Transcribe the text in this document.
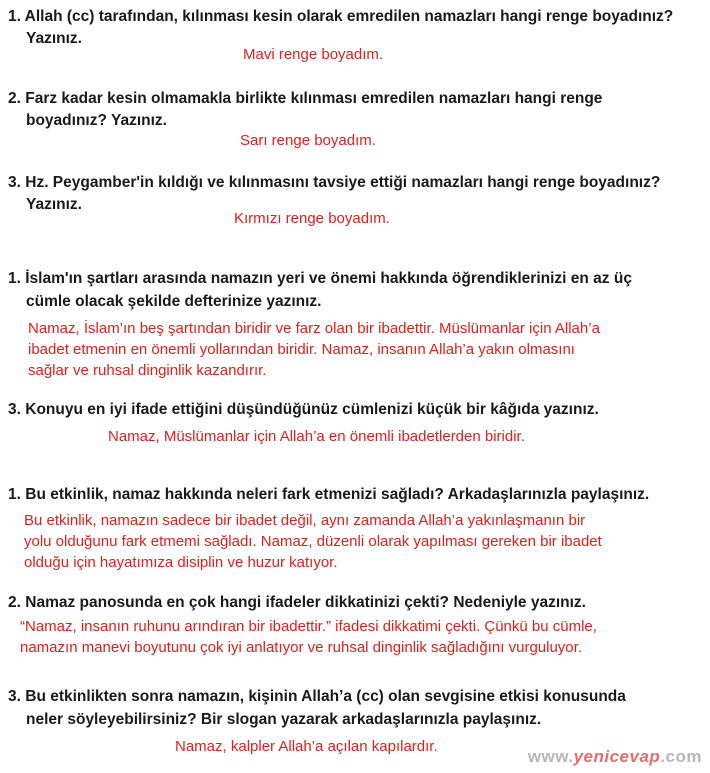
1. Allah (cc) tarafından, kılınması kesin olarak emredilen namazları hangi renge boyadınız?
Yazınız.
Mavi renge boyadım.
2. Farz kadar kesin olmamakla birlikte kılınması emredilen namazları hangi renge
boyadınız? Yazınız.
Sarı renge boyadım.
3. Hz. Peygamber'in kıldığı ve kılınmasını tavsiye ettiği namazları hangi renge boyadınız?
Yazınız.
Kırmızı renge boyadım.
1. İslam'ın şartları arasında namazın yeri ve önemi hakkında öğrendiklerinizi en az üç
cümle olacak şekilde defterinize yazınız.
Namaz, İslam’ın beş şartından biridir ve farz olan bir ibadettir. Müslümanlar için Allah’a
ibadet etmenin en önemli yollarından biridir. Namaz, insanın Allah’a yakın olmasını
sağlar ve ruhsal dinginlik kazandırır.
3. Konuyu en iyi ifade ettiğini düşündüğünüz cümlenizi küçük bir kâğıda yazınız.
Namaz, Müslümanlar için Allah’a en önemli ibadetlerden biridir.
1. Bu etkinlik, namaz hakkında neleri fark etmenizi sağladı? Arkadaşlarınızla paylaşınız.
Bu etkinlik, namazın sadece bir ibadet değil, aynı zamanda Allah’a yakınlaşmanın bir
yolu olduğunu fark etmemi sağladı. Namaz, düzenli olarak yapılması gereken bir ibadet
olduğu için hayatımıza disiplin ve huzur katıyor.
2. Namaz panosunda en çok hangi ifadeler dikkatinizi çekti? Nedeniyle yazınız.
“Namaz, insanın ruhunu arındıran bir ibadettir.” ifadesi dikkatimi çekti. Çünkü bu cümle,
namazın manevi boyutunu çok iyi anlatıyor ve ruhsal dinginlik sağladığını vurguluyor.
3. Bu etkinlikten sonra namazın, kişinin Allah’a (cc) olan sevgisine etkisi konusunda
neler söyleyebilirsiniz? Bir slogan yazarak arkadaşlarınızla paylaşınız.
Namaz, kalpler Allah’a açılan kapılardır.
www.yenicevap.com
